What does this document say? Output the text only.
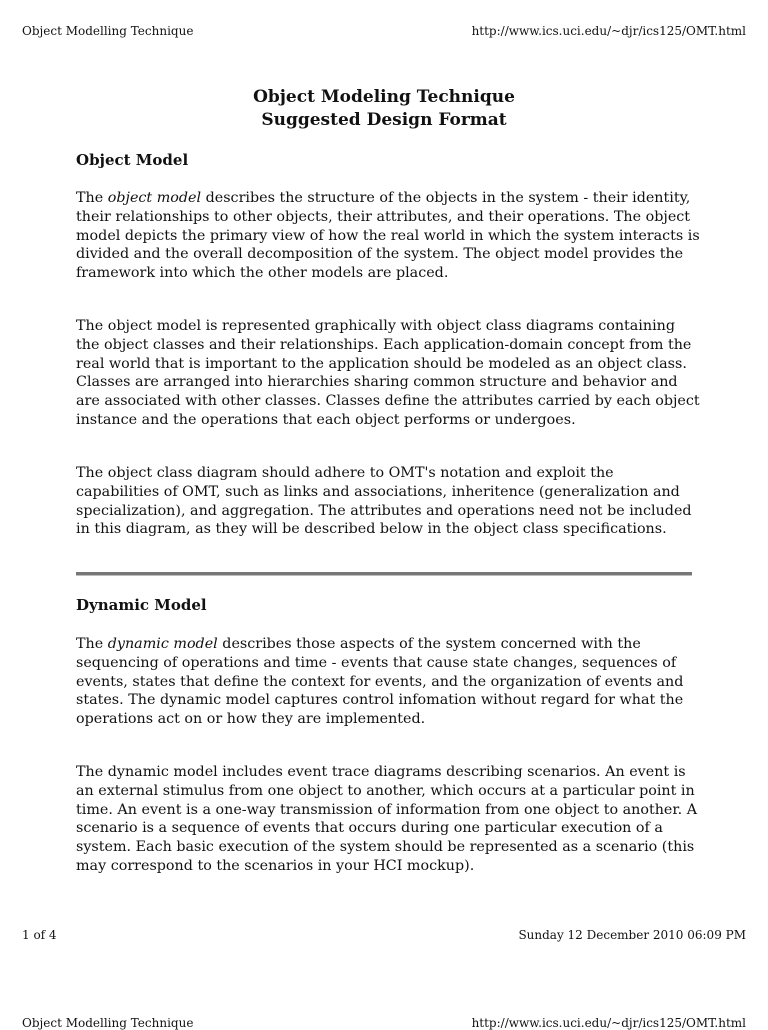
Object Modelling Technique	http://www.ics.uci.edu/~djr/ics125/OMT.html
Object Modeling Technique
Suggested Design Format
Object Model

The object model describes the structure of the objects in the system - their identity, their relationships to other objects, their attributes, and their operations. The object model depicts the primary view of how the real world in which the system interacts is divided and the overall decomposition of the system. The object model provides the framework into which the other models are placed.

The object model is represented graphically with object class diagrams containing the object classes and their relationships. Each application-domain concept from the real world that is important to the application should be modeled as an object class. Classes are arranged into hierarchies sharing common structure and behavior and are associated with other classes. Classes define the attributes carried by each object instance and the operations that each object performs or undergoes.

The object class diagram should adhere to OMT's notation and exploit the capabilities of OMT, such as links and associations, inheritence (generalization and specialization), and aggregation. The attributes and operations need not be included in this diagram, as they will be described below in the object class specifications.

Dynamic Model

The dynamic model describes those aspects of the system concerned with the sequencing of operations and time - events that cause state changes, sequences of events, states that define the context for events, and the organization of events and states. The dynamic model captures control infomation without regard for what the operations act on or how they are implemented.

The dynamic model includes event trace diagrams describing scenarios. An event is an external stimulus from one object to another, which occurs at a particular point in time. An event is a one-way transmission of information from one object to another. A scenario is a sequence of events that occurs during one particular execution of a system. Each basic execution of the system should be represented as a scenario (this may correspond to the scenarios in your HCI mockup).

1 of 4	Sunday 12 December 2010 06:09 PM
Object Modelling Technique	http://www.ics.uci.edu/~djr/ics125/OMT.html
